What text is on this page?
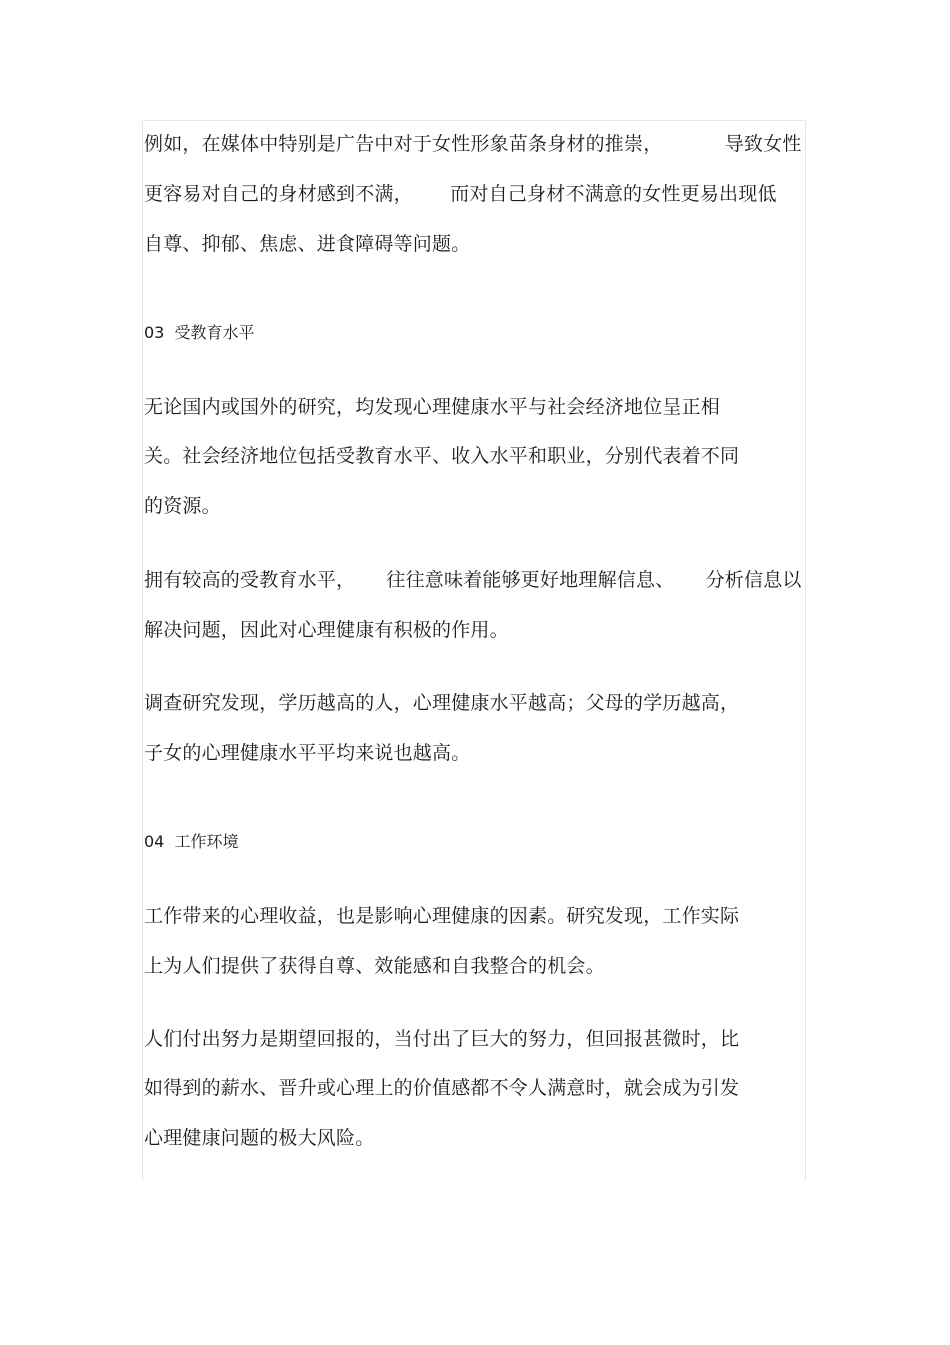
例如，在媒体中特别是广告中对于女性形象苗条身材的推崇，          导致女性
更容易对自己的身材感到不满，      而对自己身材不满意的女性更易出现低
自尊、抑郁、焦虑、进食障碍等问题。
03  受教育水平
无论国内或国外的研究，均发现心理健康水平与社会经济地位呈正相
关。社会经济地位包括受教育水平、收入水平和职业，分别代表着不同
的资源。
拥有较高的受教育水平，     往往意味着能够更好地理解信息、     分析信息以
解决问题，因此对心理健康有积极的作用。
调查研究发现，学历越高的人，心理健康水平越高；父母的学历越高，
子女的心理健康水平平均来说也越高。
04  工作环境
工作带来的心理收益，也是影响心理健康的因素。研究发现，工作实际
上为人们提供了获得自尊、效能感和自我整合的机会。
人们付出努力是期望回报的，当付出了巨大的努力，但回报甚微时，比
如得到的薪水、晋升或心理上的价值感都不令人满意时，就会成为引发
心理健康问题的极大风险。
